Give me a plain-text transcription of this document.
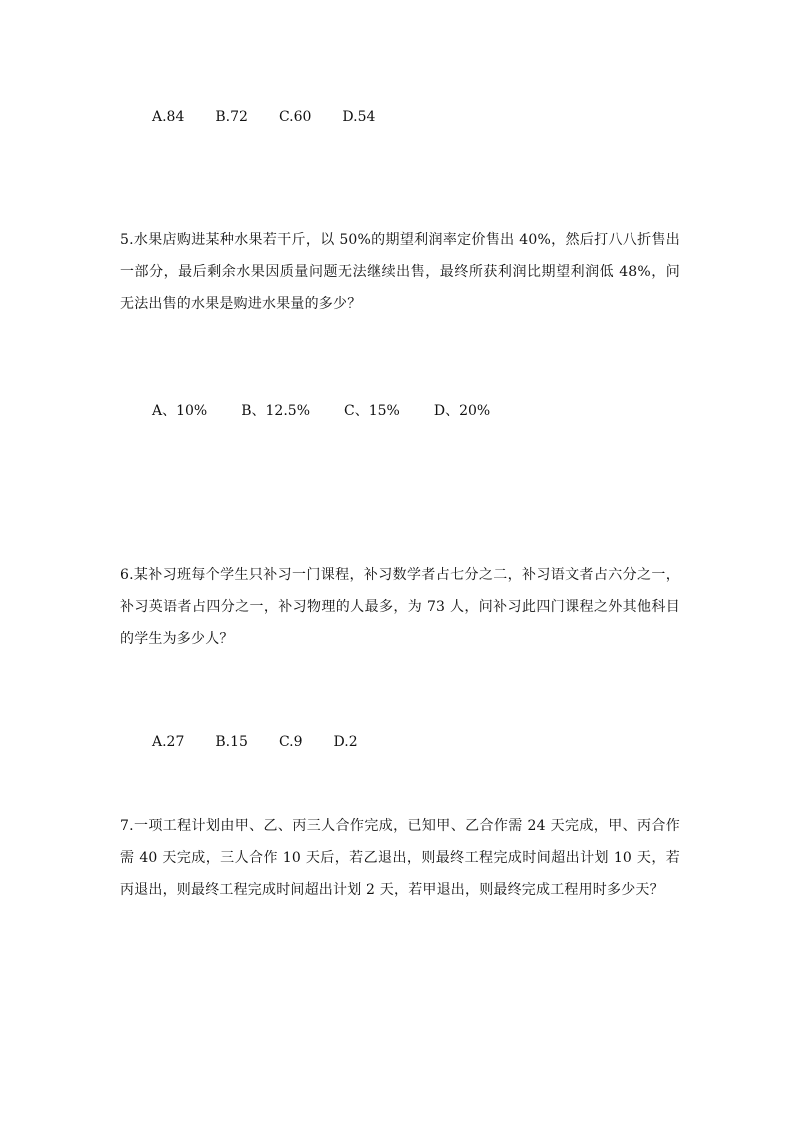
A.84 B.72 C.60 D.54
5.水果店购进某种水果若干斤，以 50%的期望利润率定价售出 40%，然后打八八折售出一部分，最后剩余水果因质量问题无法继续出售，最终所获利润比期望利润低 48%，问无法出售的水果是购进水果量的多少？
A、10% B、12.5% C、15% D、20%
6.某补习班每个学生只补习一门课程，补习数学者占七分之二，补习语文者占六分之一，补习英语者占四分之一，补习物理的人最多，为 73 人，问补习此四门课程之外其他科目的学生为多少人？
A.27 B.15 C.9 D.2
7.一项工程计划由甲、乙、丙三人合作完成，已知甲、乙合作需 24 天完成，甲、丙合作需 40 天完成，三人合作 10 天后，若乙退出，则最终工程完成时间超出计划 10 天，若丙退出，则最终工程完成时间超出计划 2 天，若甲退出，则最终完成工程用时多少天？
